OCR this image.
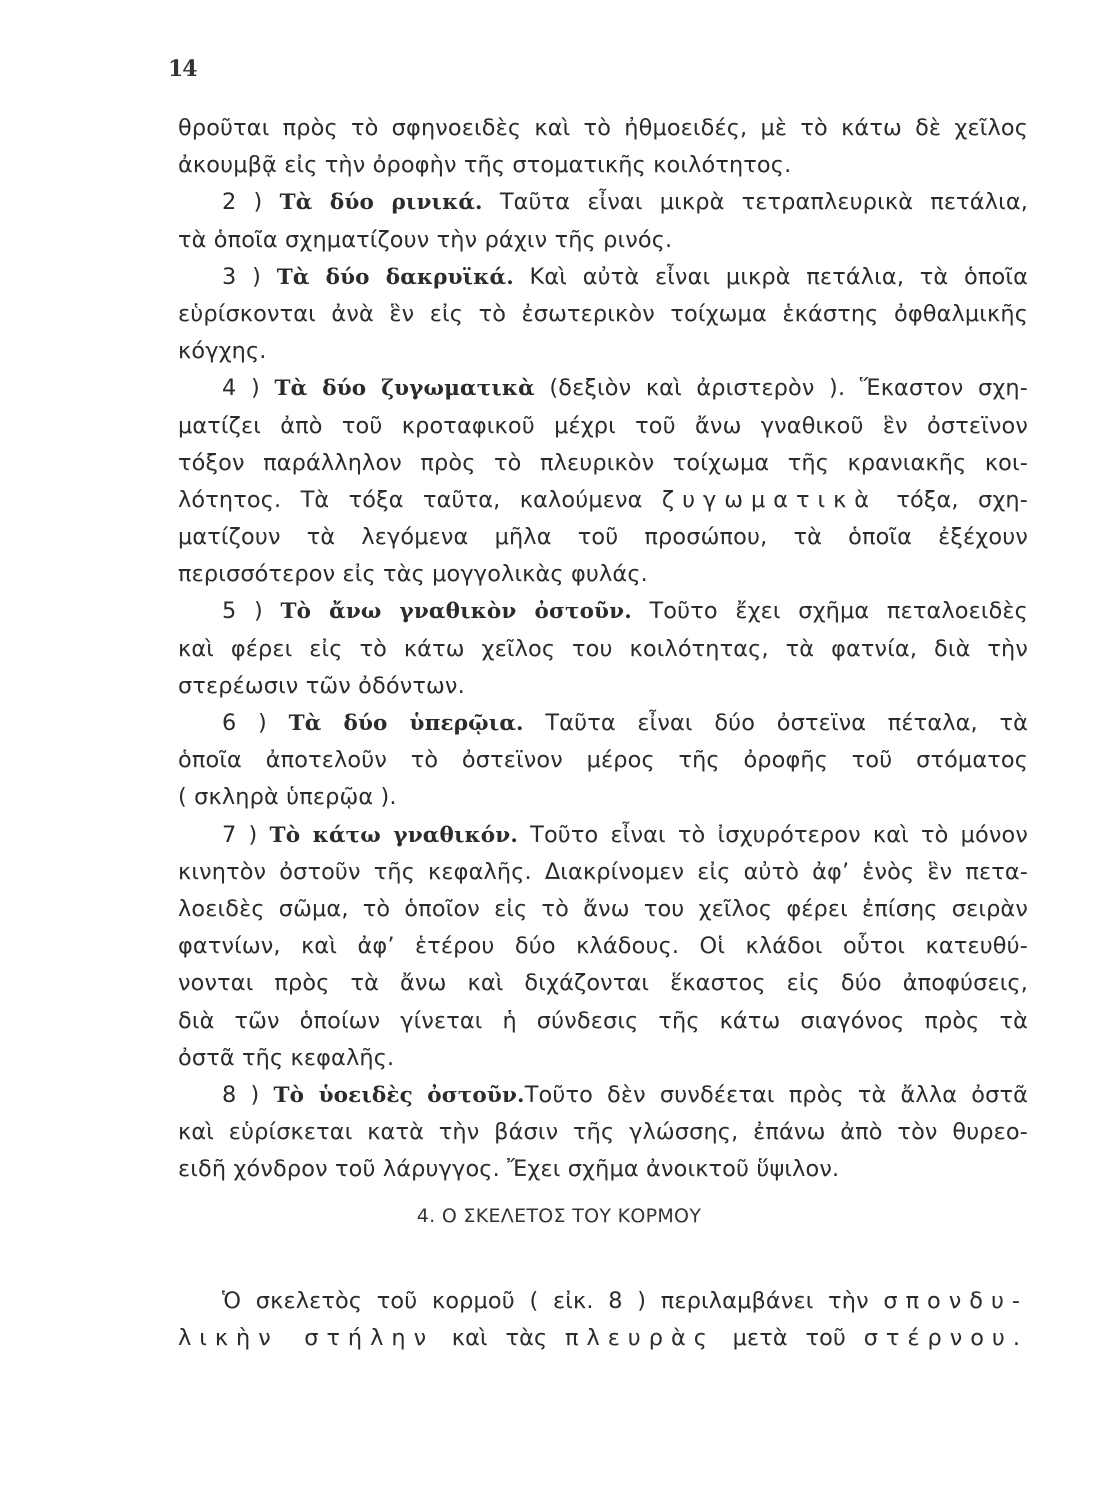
14
θροῦται πρὸς τὸ σφηνοειδὲς καὶ τὸ ἠθμοειδές, μὲ τὸ κάτω δὲ χεῖλος
ἀκουμβᾷ εἰς τὴν ὀροφὴν τῆς στοματικῆς κοιλότητος.
2 ) Τὰ δύο ρινικά. Ταῦτα εἶναι μικρὰ τετραπλευρικὰ πετάλια,
τὰ ὁποῖα σχηματίζουν τὴν ράχιν τῆς ρινός.
3 ) Τὰ δύο δακρυϊκά. Καὶ αὐτὰ εἶναι μικρὰ πετάλια, τὰ ὁποῖα
εὑρίσκονται ἀνὰ ἓν εἰς τὸ ἐσωτερικὸν τοίχωμα ἑκάστης ὀφθαλμικῆς
κόγχης.
4 ) Τὰ δύο ζυγωματικὰ (δεξιὸν καὶ ἀριστερὸν ). Ἕκαστον σχη-
ματίζει ἀπὸ τοῦ κροταφικοῦ μέχρι τοῦ ἄνω γναθικοῦ ἓν ὀστεϊνον
τόξον παράλληλον πρὸς τὸ πλευρικὸν τοίχωμα τῆς κρανιακῆς κοι-
λότητος. Τὰ τόξα ταῦτα, καλούμενα ζυγωματικὰ τόξα, σχη-
ματίζουν τὰ λεγόμενα μῆλα τοῦ προσώπου, τὰ ὁποῖα ἐξέχουν
περισσότερον εἰς τὰς μογγολικὰς φυλάς.
5 ) Τὸ ἄνω γναθικὸν ὀστοῦν. Τοῦτο ἔχει σχῆμα πεταλοειδὲς
καὶ φέρει εἰς τὸ κάτω χεῖλος του κοιλότητας, τὰ φατνία, διὰ τὴν
στερέωσιν τῶν ὀδόντων.
6 ) Τὰ δύο ὑπερῷια. Ταῦτα εἶναι δύο ὀστεϊνα πέταλα, τὰ
ὁποῖα ἀποτελοῦν τὸ ὀστεϊνον μέρος τῆς ὀροφῆς τοῦ στόματος
( σκληρὰ ὑπερῷα ).
7 ) Τὸ κάτω γναθικόν. Τοῦτο εἶναι τὸ ἰσχυρότερον καὶ τὸ μόνον
κινητὸν ὀστοῦν τῆς κεφαλῆς. Διακρίνομεν εἰς αὐτὸ ἀφ’ ἑνὸς ἓν πετα-
λοειδὲς σῶμα, τὸ ὁποῖον εἰς τὸ ἄνω του χεῖλος φέρει ἐπίσης σειρὰν
φατνίων, καὶ ἀφ’ ἑτέρου δύο κλάδους. Οἱ κλάδοι οὗτοι κατευθύ-
νονται πρὸς τὰ ἄνω καὶ διχάζονται ἕκαστος εἰς δύο ἀποφύσεις,
διὰ τῶν ὁποίων γίνεται ἡ σύνδεσις τῆς κάτω σιαγόνος πρὸς τὰ
ὀστᾶ τῆς κεφαλῆς.
8 ) Τὸ ὑοειδὲς ὀστοῦν.Τοῦτο δὲν συνδέεται πρὸς τὰ ἄλλα ὀστᾶ
καὶ εὑρίσκεται κατὰ τὴν βάσιν τῆς γλώσσης, ἐπάνω ἀπὸ τὸν θυρεο-
ειδῆ χόνδρον τοῦ λάρυγγος. Ἔχει σχῆμα ἀνοικτοῦ ὕψιλον.
4. Ο ΣΚΕΛΕΤΟΣ ΤΟΥ ΚΟΡΜΟΥ
Ὁ σκελετὸς τοῦ κορμοῦ ( εἰκ. 8 ) περιλαμβάνει τὴν σπονδυ-
λικὴν στήλην καὶ τὰς πλευρὰς μετὰ τοῦ στέρνου.
